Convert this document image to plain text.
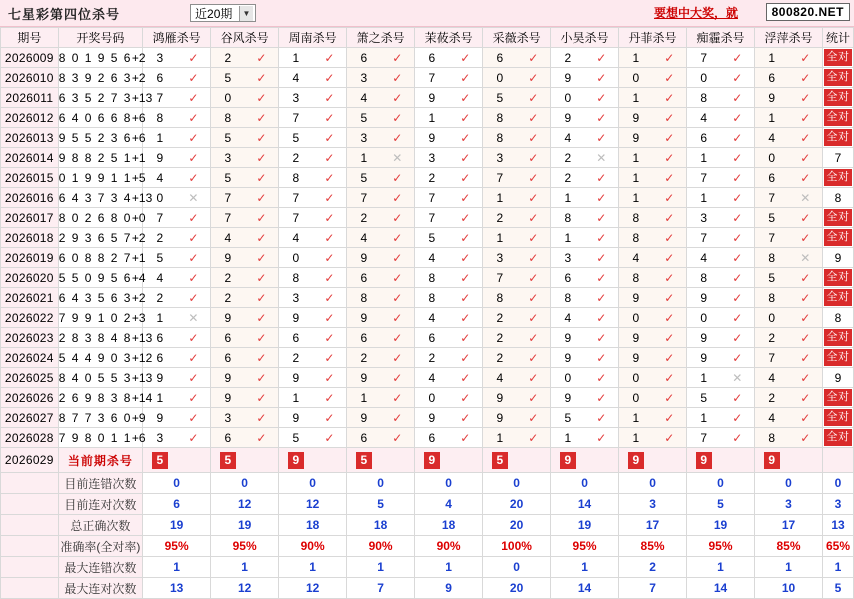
七星彩第四位杀号	近20期	▼	要想中大奖，就	800820.NET
期号	开奖号码	鸿雁杀号	谷风杀号	周南杀号	箫之杀号	茉莜杀号	采薇杀号	小昊杀号	丹菲杀号	痴霾杀号	浮萍杀号	统计
2026009	8 0 1 9 5 6+2	3 ✓	2 ✓	1 ✓	6 ✓	6 ✓	6 ✓	2 ✓	1 ✓	7 ✓	1 ✓	全对

2026010	8 3 9 2 6 3+2	6 ✓	5 ✓	4 ✓	3 ✓	7 ✓	0 ✓	9 ✓	0 ✓	0 ✓	6 ✓	全对

2026011	6 3 5 2 7 3+13	7 ✓	0 ✓	3 ✓	4 ✓	9 ✓	5 ✓	0 ✓	1 ✓	8 ✓	9 ✓	全对

2026012	6 4 0 6 6 8+6	8 ✓	8 ✓	7 ✓	5 ✓	1 ✓	8 ✓	9 ✓	9 ✓	4 ✓	1 ✓	全对

2026013	9 5 5 2 3 6+6	1 ✓	5 ✓	5 ✓	3 ✓	9 ✓	8 ✓	4 ✓	9 ✓	6 ✓	4 ✓	全对

2026014	9 8 8 2 5 1+1	9 ✓	3 ✓	2 ✓	1 ✕	3 ✓	3 ✓	2 ✕	1 ✓	1 ✓	0 ✓	7
2026015	0 1 9 9 1 1+5	4 ✓	5 ✓	8 ✓	5 ✓	2 ✓	7 ✓	2 ✓	1 ✓	7 ✓	6 ✓	全对

2026016	6 4 3 7 3 4+13	0 ✕	7 ✓	7 ✓	7 ✓	7 ✓	1 ✓	1 ✓	1 ✓	1 ✓	7 ✕	8
2026017	8 0 2 6 8 0+0	7 ✓	7 ✓	7 ✓	2 ✓	7 ✓	2 ✓	8 ✓	8 ✓	3 ✓	5 ✓	全对

2026018	2 9 3 6 5 7+2	2 ✓	4 ✓	4 ✓	4 ✓	5 ✓	1 ✓	1 ✓	8 ✓	7 ✓	7 ✓	全对

2026019	6 0 8 8 2 7+1	5 ✓	9 ✓	0 ✓	9 ✓	4 ✓	3 ✓	3 ✓	4 ✓	4 ✓	8 ✕	9
2026020	5 5 0 9 5 6+4	4 ✓	2 ✓	8 ✓	6 ✓	8 ✓	7 ✓	6 ✓	8 ✓	8 ✓	5 ✓	全对

2026021	6 4 3 5 6 3+2	2 ✓	2 ✓	3 ✓	8 ✓	8 ✓	8 ✓	8 ✓	9 ✓	9 ✓	8 ✓	全对

2026022	7 9 9 1 0 2+3	1 ✕	9 ✓	9 ✓	9 ✓	4 ✓	2 ✓	4 ✓	0 ✓	0 ✓	0 ✓	8
2026023	2 8 3 8 4 8+13	6 ✓	6 ✓	6 ✓	6 ✓	6 ✓	2 ✓	9 ✓	9 ✓	9 ✓	2 ✓	全对

2026024	5 4 4 9 0 3+12	6 ✓	6 ✓	2 ✓	2 ✓	2 ✓	2 ✓	9 ✓	9 ✓	9 ✓	7 ✓	全对

2026025	8 4 0 5 5 3+13	9 ✓	9 ✓	9 ✓	9 ✓	4 ✓	4 ✓	0 ✓	0 ✓	1 ✕	4 ✓	9
2026026	2 6 9 8 3 8+14	1 ✓	9 ✓	1 ✓	1 ✓	0 ✓	9 ✓	9 ✓	0 ✓	5 ✓	2 ✓	全对

2026027	8 7 7 3 6 0+9	9 ✓	3 ✓	9 ✓	9 ✓	9 ✓	9 ✓	5 ✓	1 ✓	1 ✓	4 ✓	全对

2026028	7 9 8 0 1 1+6	3 ✓	6 ✓	5 ✓	6 ✓	6 ✓	1 ✓	1 ✓	1 ✓	7 ✓	8 ✓	全对

2026029	当前期杀号	5	5	9	5	9	5	9	9	9	9	

	目前连错次数	0	0	0	0	0	0	0	0	0	0	0
	目前连对次数	6	12	12	5	4	20	14	3	5	3	3
	总正确次数	19	19	18	18	18	20	19	17	19	17	13
	准确率(全对率)	95%	95%	90%	90%	90%	100%	95%	85%	95%	85%	65%
	最大连错次数	1	1	1	1	1	0	1	2	1	1	1
	最大连对次数	13	12	12	7	9	20	14	7	14	10	5
